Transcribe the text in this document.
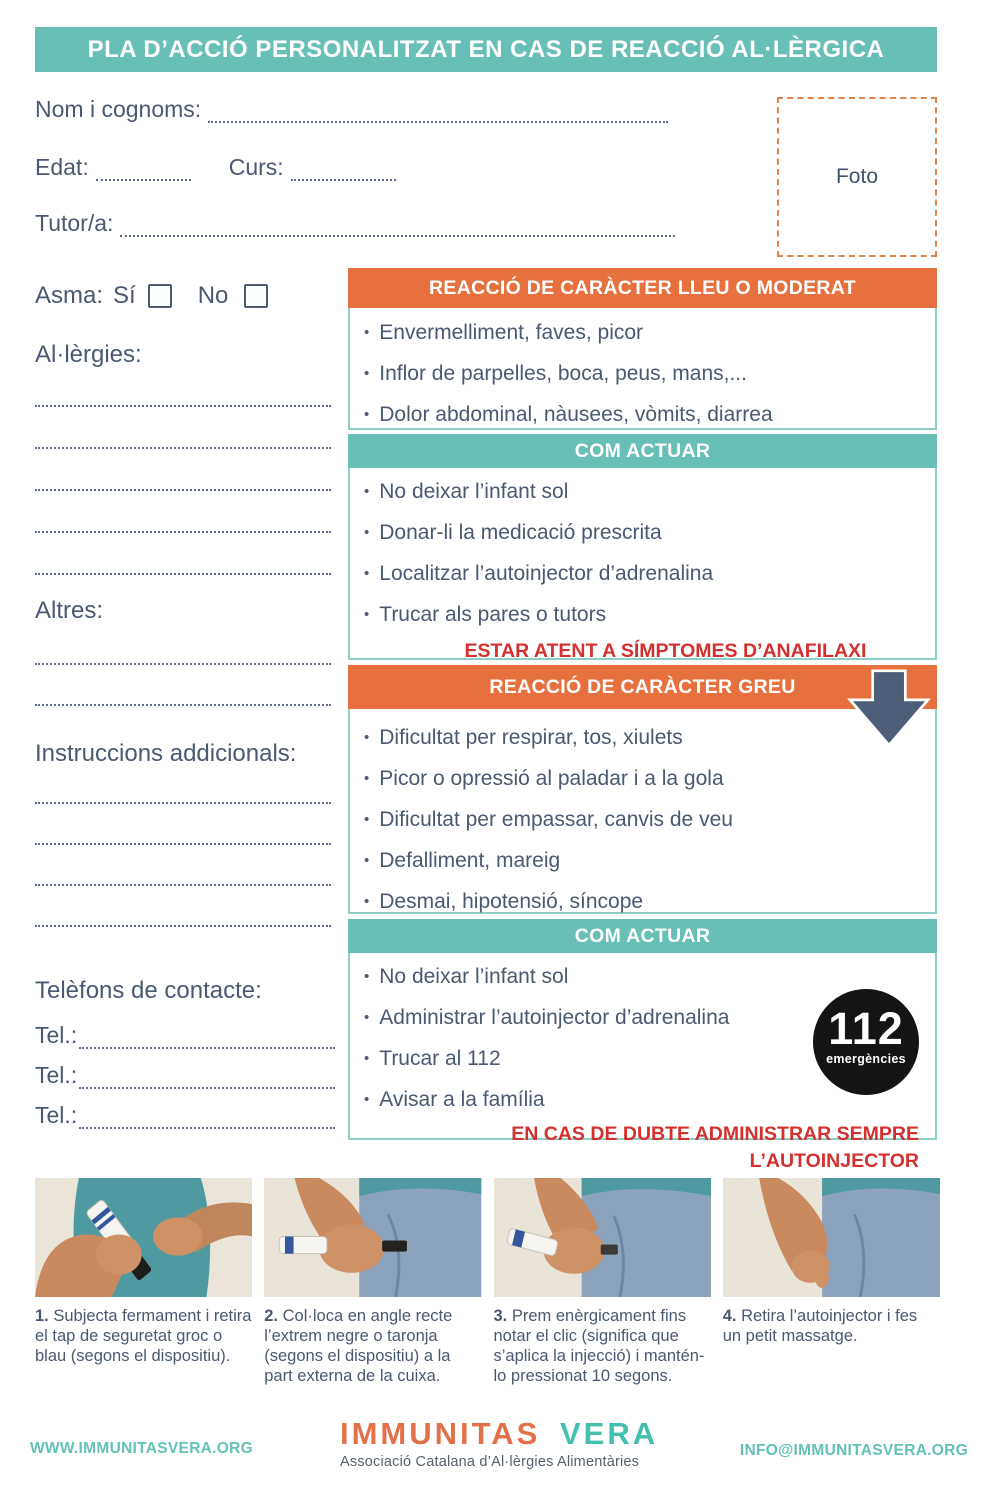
PLA D’ACCIÓ PERSONALITZAT EN CAS DE REACCIÓ AL·LÈRGICA
Nom i cognoms:
Edat:	Curs:
Tutor/a:
Foto
Asma: Sí	No
Al·lèrgies:
Altres:
Instruccions addicionals:
Telèfons de contacte:
Tel.:
Tel.:
Tel.:
REACCIÓ DE CARÀCTER LLEU O MODERAT
• Envermelliment, faves, picor
• Inflor de parpelles, boca, peus, mans,...
• Dolor abdominal, nàusees, vòmits, diarrea
COM ACTUAR
• No deixar l’infant sol
• Donar-li la medicació prescrita
• Localitzar l’autoinjector d’adrenalina
• Trucar als pares o tutors
ESTAR ATENT A SÍMPTOMES D’ANAFILAXI
REACCIÓ DE CARÀCTER GREU
• Dificultat per respirar, tos, xiulets
• Picor o opressió al paladar i a la gola
• Dificultat per empassar, canvis de veu
• Defalliment, mareig
• Desmai, hipotensió, síncope
COM ACTUAR
• No deixar l’infant sol
• Administrar l’autoinjector d’adrenalina
• Trucar al 112
• Avisar a la família
112
emergències
EN CAS DE DUBTE ADMINISTRAR SEMPRE L’AUTOINJECTOR
1. Subjecta fermament i retira el tap de seguretat groc o blau (segons el dispositiu).
2. Col·loca en angle recte l’extrem negre o taronja (segons el dispositiu) a la part externa de la cuixa.
3. Prem enèrgicament fins notar el clic (significa que s’aplica la injecció) i mantén-lo pressionat 10 segons.
4. Retira l’autoinjector i fes un petit massatge.
WWW.IMMUNITASVERA.ORG	IMMUNITAS VERA
Associació Catalana d’Al·lèrgies Alimentàries
INFO@IMMUNITASVERA.ORG
